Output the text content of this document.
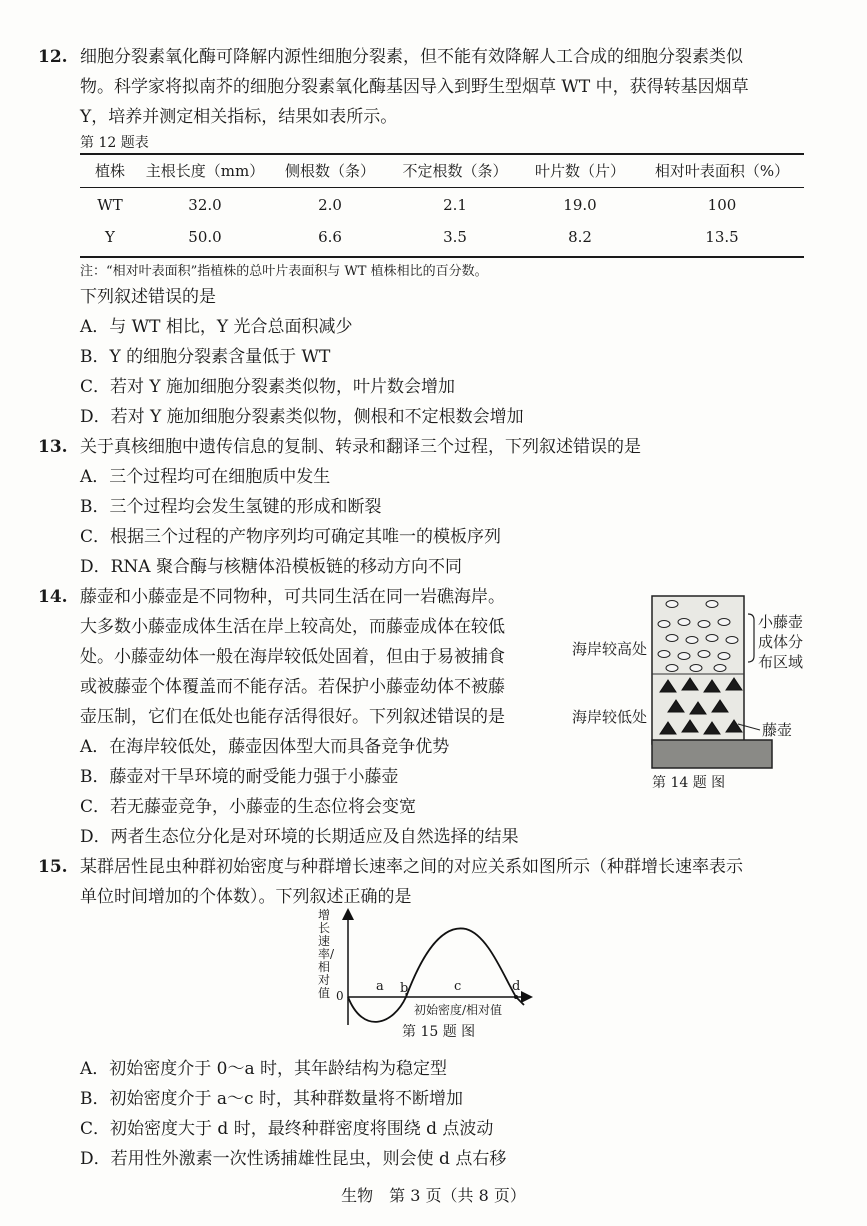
12. 细胞分裂素氧化酶可降解内源性细胞分裂素，但不能有效降解人工合成的细胞分裂素类似
物。科学家将拟南芥的细胞分裂素氧化酶基因导入到野生型烟草 WT 中，获得转基因烟草
Y，培养并测定相关指标，结果如表所示。
第 12 题表
植株	主根长度（mm）	侧根数（条）	不定根数（条）	叶片数（片）	相对叶表面积（%）
WT	32.0	2.0	2.1	19.0	100
Y	50.0	6.6	3.5	8.2	13.5
注：“相对叶表面积”指植株的总叶片表面积与 WT 植株相比的百分数。
下列叙述错误的是
A．与 WT 相比，Y 光合总面积减少
B．Y 的细胞分裂素含量低于 WT
C．若对 Y 施加细胞分裂素类似物，叶片数会增加
D．若对 Y 施加细胞分裂素类似物，侧根和不定根数会增加
13. 关于真核细胞中遗传信息的复制、转录和翻译三个过程，下列叙述错误的是
A．三个过程均可在细胞质中发生
B．三个过程均会发生氢键的形成和断裂
C．根据三个过程的产物序列均可确定其唯一的模板序列
D．RNA 聚合酶与核糖体沿模板链的移动方向不同
14. 藤壶和小藤壶是不同物种，可共同生活在同一岩礁海岸。
大多数小藤壶成体生活在岸上较高处，而藤壶成体在较低
处。小藤壶幼体一般在海岸较低处固着，但由于易被捕食
或被藤壶个体覆盖而不能存活。若保护小藤壶幼体不被藤
壶压制，它们在低处也能存活得很好。下列叙述错误的是
A．在海岸较低处，藤壶因体型大而具备竞争优势
B．藤壶对干旱环境的耐受能力强于小藤壶
C．若无藤壶竞争，小藤壶的生态位将会变宽
D．两者生态位分化是对环境的长期适应及自然选择的结果
海岸较高处
海岸较低处
小藤壶
成体分
布区域
藤壶
第 14 题 图
15. 某群居性昆虫种群初始密度与种群增长速率之间的对应关系如图所示（种群增长速率表示
单位时间增加的个体数）。下列叙述正确的是
增长速率/相对值 0
a b	c	d
初始密度/相对值
第 15 题 图
A．初始密度介于 0～a 时，其年龄结构为稳定型
B．初始密度介于 a～c 时，其种群数量将不断增加
C．初始密度大于 d 时，最终种群密度将围绕 d 点波动
D．若用性外激素一次性诱捕雄性昆虫，则会使 d 点右移
生物　第 3 页（共 8 页）
